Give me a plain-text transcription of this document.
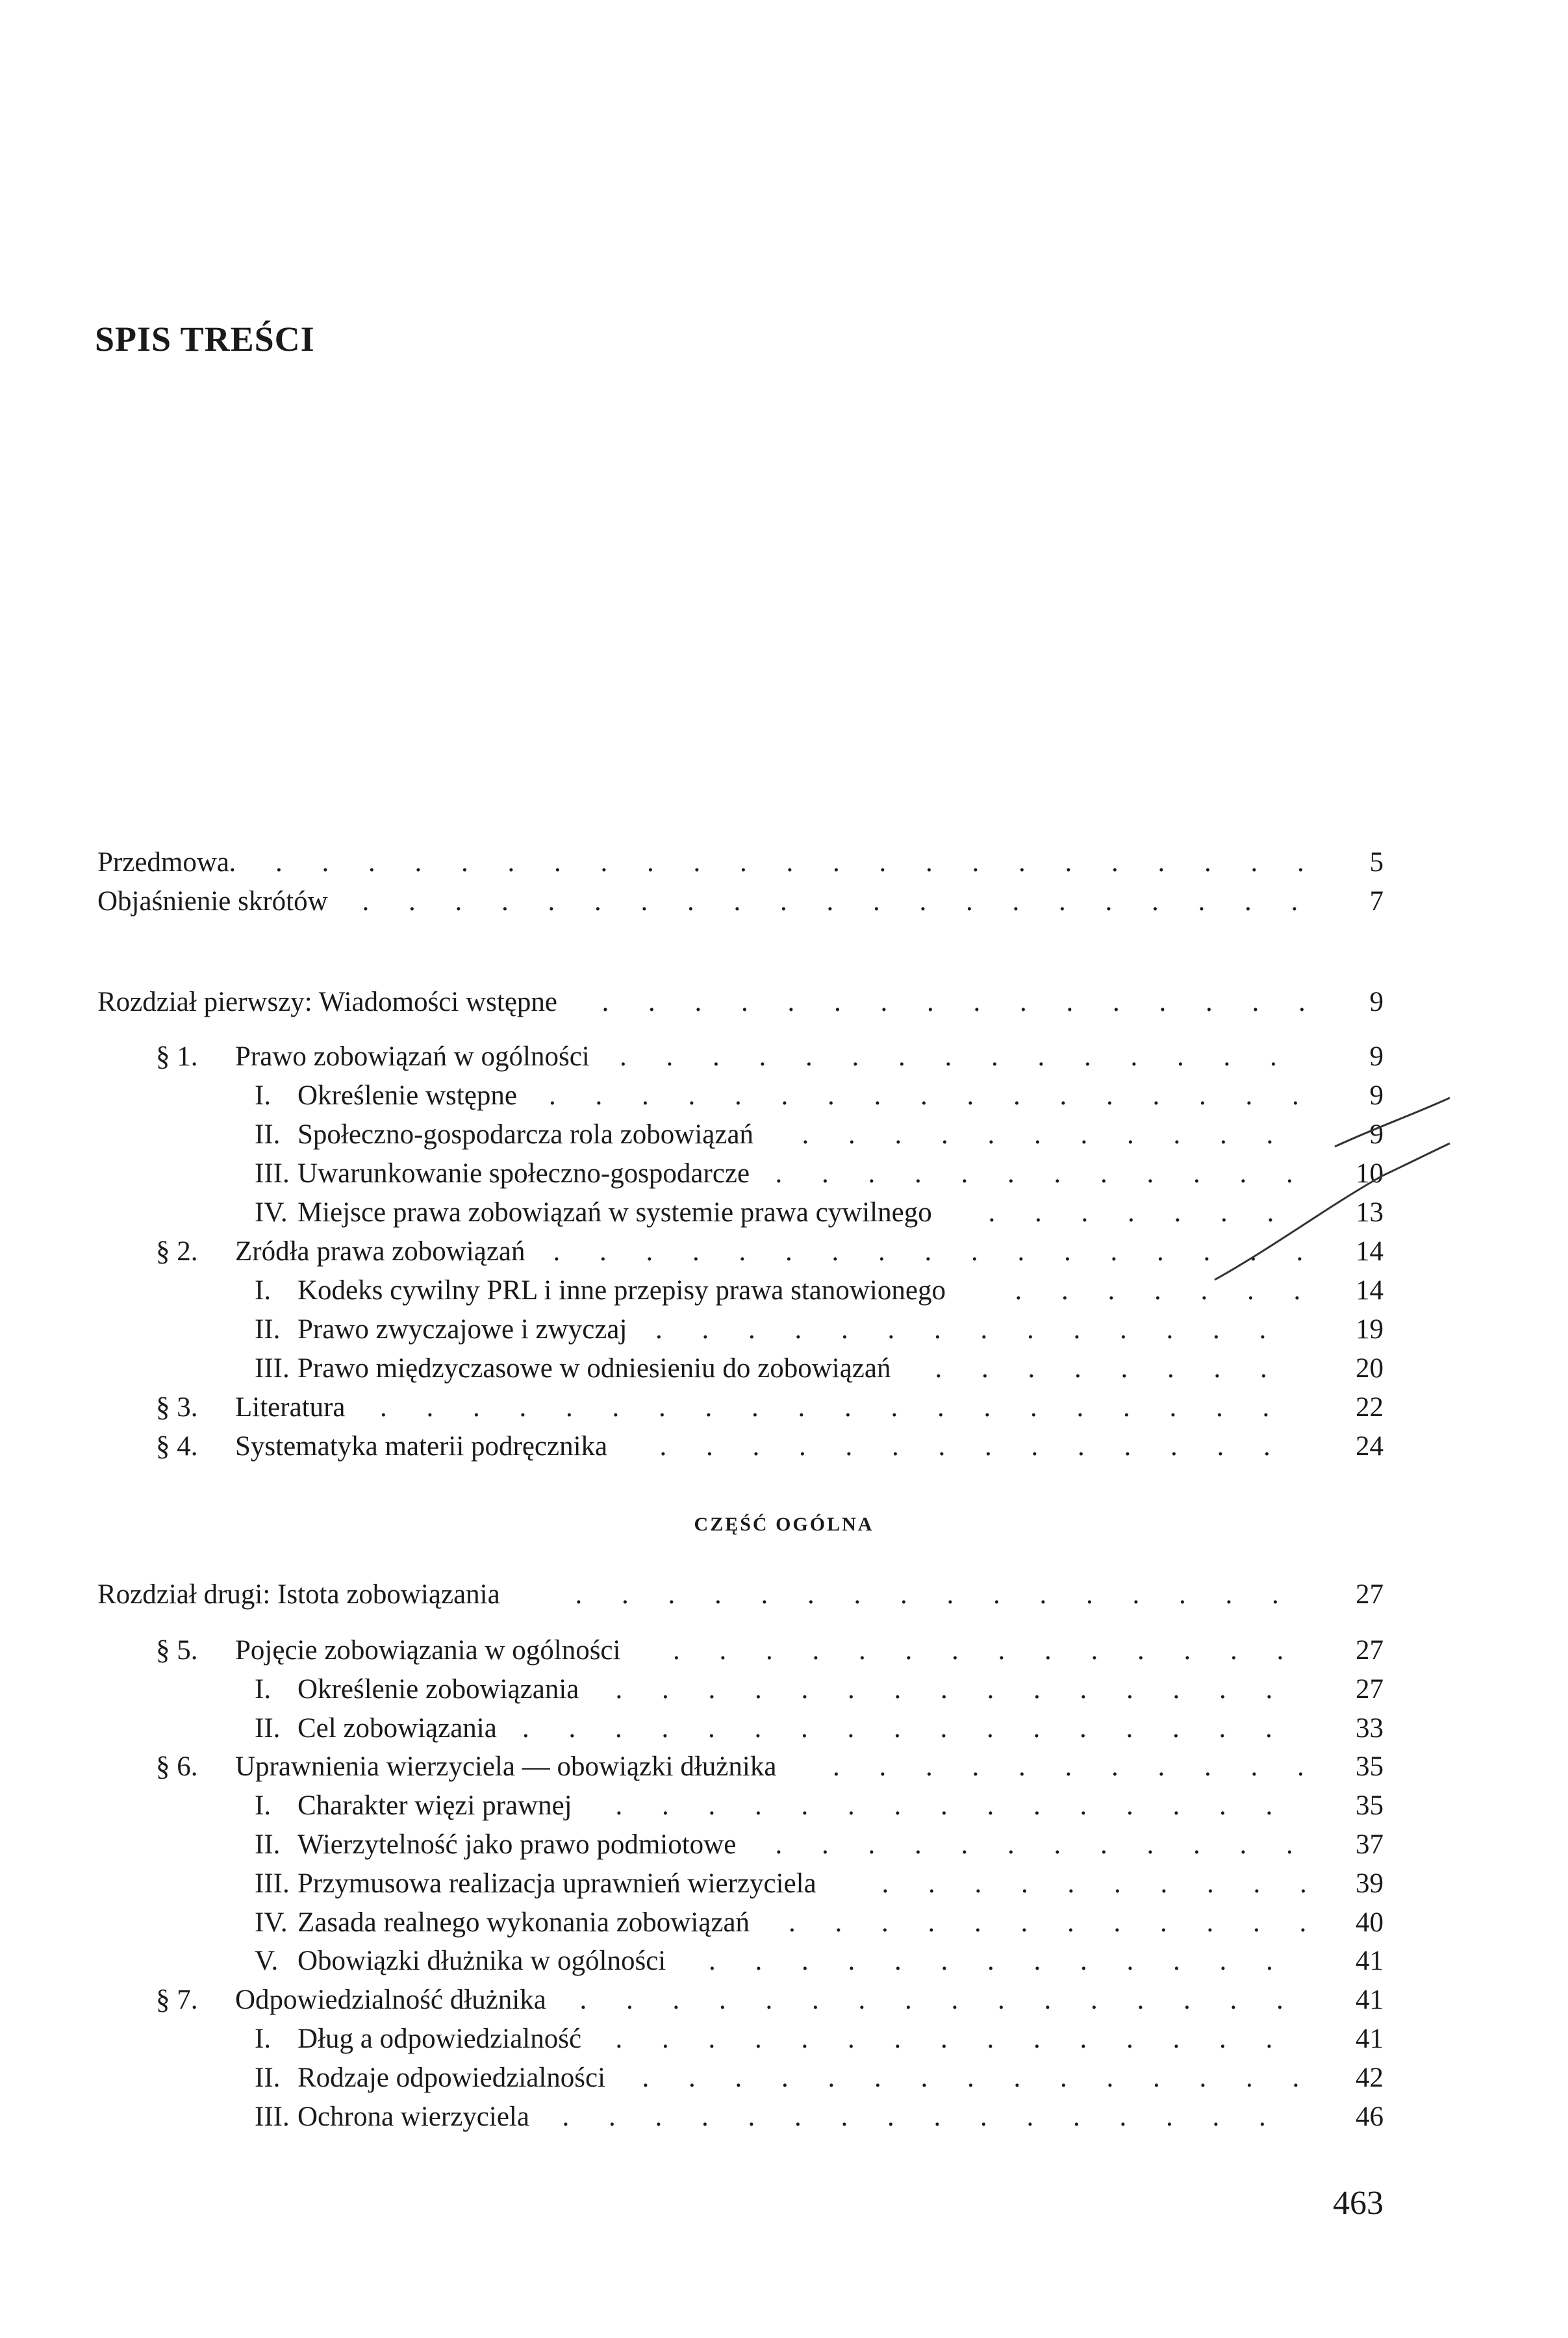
SPIS TREŚCI
Przedmowa . . .	5
Objaśnienie skrótów . . .	7
Rozdział pierwszy: Wiadomości wstępne . . .	9
§ 1. Prawo zobowiązań w ogólności . . .	9
I. Określenie wstępne . . .	9
II. Społeczno-gospodarcza rola zobowiązań . . .	9
III. Uwarunkowanie społeczno-gospodarcze . . .	10
IV. Miejsce prawa zobowiązań w systemie prawa cywilnego . . .	13
§ 2. Zródła prawa zobowiązań . . .	14
I. Kodeks cywilny PRL i inne przepisy prawa stanowionego . . .	14
II. Prawo zwyczajowe i zwyczaj . . .	19
III. Prawo międzyczasowe w odniesieniu do zobowiązań . . .	20
§ 3. Literatura . . .	22
§ 4. Systematyka materii podręcznika . . .	24
Rozdział drugi: Istota zobowiązania . . .	27
§ 5. Pojęcie zobowiązania w ogólności . . .	27
I. Określenie zobowiązania . . .	27
II. Cel zobowiązania . . .	33
§ 6. Uprawnienia wierzyciela — obowiązki dłużnika . . .	35
I. Charakter więzi prawnej . . .	35
II. Wierzytelność jako prawo podmiotowe . . .	37
III. Przymusowa realizacja uprawnień wierzyciela . . .	39
IV. Zasada realnego wykonania zobowiązań . . .	40
V. Obowiązki dłużnika w ogólności . . .	41
§ 7. Odpowiedzialność dłużnika . . .	41
I. Dług a odpowiedzialność . . .	41
II. Rodzaje odpowiedzialności . . .	42
III. Ochrona wierzyciela . . .	46
CZĘŚĆ OGÓLNA
463
